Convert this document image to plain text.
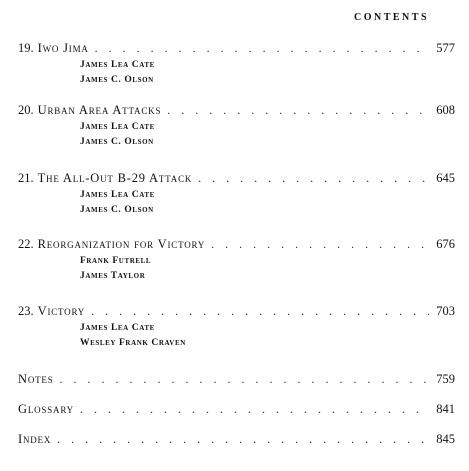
CONTENTS
19. Iwo Jima . . .	577
James Lea Cate
James C. Olson
20. Urban Area Attacks . . .	608
James Lea Cate
James C. Olson
21. The All-Out B-29 Attack . . .	645
James Lea Cate
James C. Olson
22. Reorganization for Victory . . .	676
Frank Futrell
James Taylor
23. Victory . . .	703
James Lea Cate
Wesley Frank Craven
Notes . . .	759
Glossary . . .	841
Index . . .	845
